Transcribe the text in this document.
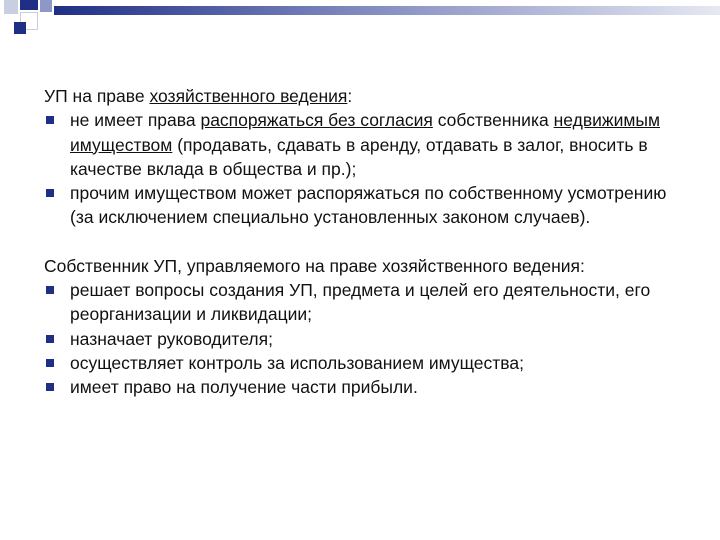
УП на праве хозяйственного ведения:

не имеет права распоряжаться без согласия собственника недвижимым имуществом (продавать, сдавать в аренду, отдавать в залог, вносить в качестве вклада в общества и пр.);
прочим имуществом может распоряжаться по собственному усмотрению (за исключением специально установленных законом случаев).

Собственник УП, управляемого на праве хозяйственного ведения:

решает вопросы создания УП, предмета и целей его деятельности, его реорганизации и ликвидации;
назначает руководителя;
осуществляет контроль за использованием имущества;
имеет право на получение части прибыли.
